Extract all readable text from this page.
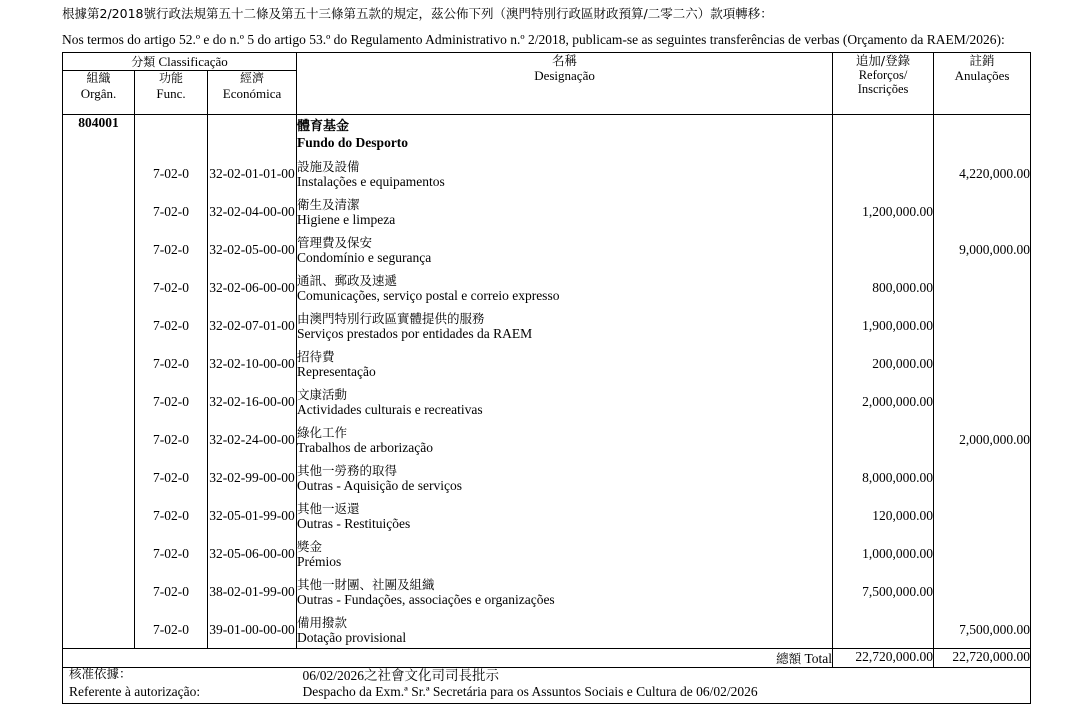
根據第2/2018號行政法規第五十二條及第五十三條第五款的規定，茲公佈下列（澳門特別行政區財政預算/二零二六）款項轉移：
Nos termos do artigo 52.º e do n.º 5 do artigo 53.º do Regulamento Administrativo n.º 2/2018, publicam-se as seguintes transferências de verbas (Orçamento da RAEM/2026):
分類 Classificação			名稱
Designação	追加/登錄
Reforços/
Inscrições	註銷
Anulações

組織
Orgân.	功能
Func.	經濟
Económica			

804001			體育基金
Fundo do Desporto		

	7-02-0	32-02-01-01-00	設施及設備
Instalações e equipamentos		4,220,000.00
	7-02-0	32-02-04-00-00	衛生及清潔
Higiene e limpeza	1,200,000.00	
	7-02-0	32-02-05-00-00	管理費及保安
Condomínio e segurança		9,000,000.00
	7-02-0	32-02-06-00-00	通訊、郵政及速遞
Comunicações, serviço postal e correio expresso	800,000.00	
	7-02-0	32-02-07-01-00	由澳門特別行政區實體提供的服務
Serviços prestados por entidades da RAEM	1,900,000.00	
	7-02-0	32-02-10-00-00	招待費
Representação	200,000.00	
	7-02-0	32-02-16-00-00	文康活動
Actividades culturais e recreativas	2,000,000.00	
	7-02-0	32-02-24-00-00	綠化工作
Trabalhos de arborização		2,000,000.00
	7-02-0	32-02-99-00-00	其他一勞務的取得
Outras - Aquisição de serviços	8,000,000.00	
	7-02-0	32-05-01-99-00	其他一返還
Outras - Restituições	120,000.00	
	7-02-0	32-05-06-00-00	獎金
Prémios	1,000,000.00	
	7-02-0	38-02-01-99-00	其他一財團、社團及組織
Outras - Fundações, associações e organizações	7,500,000.00	
	7-02-0	39-01-00-00-00	備用撥款
Dotação provisional		7,500,000.00
總額 Total				22,720,000.00	22,720,000.00
核准依據：	06/02/2026之社會文化司司長批示
Referente à autorização:	Despacho da Exm.ª Sr.ª Secretária para os Assuntos Sociais e Cultura de 06/02/2026
